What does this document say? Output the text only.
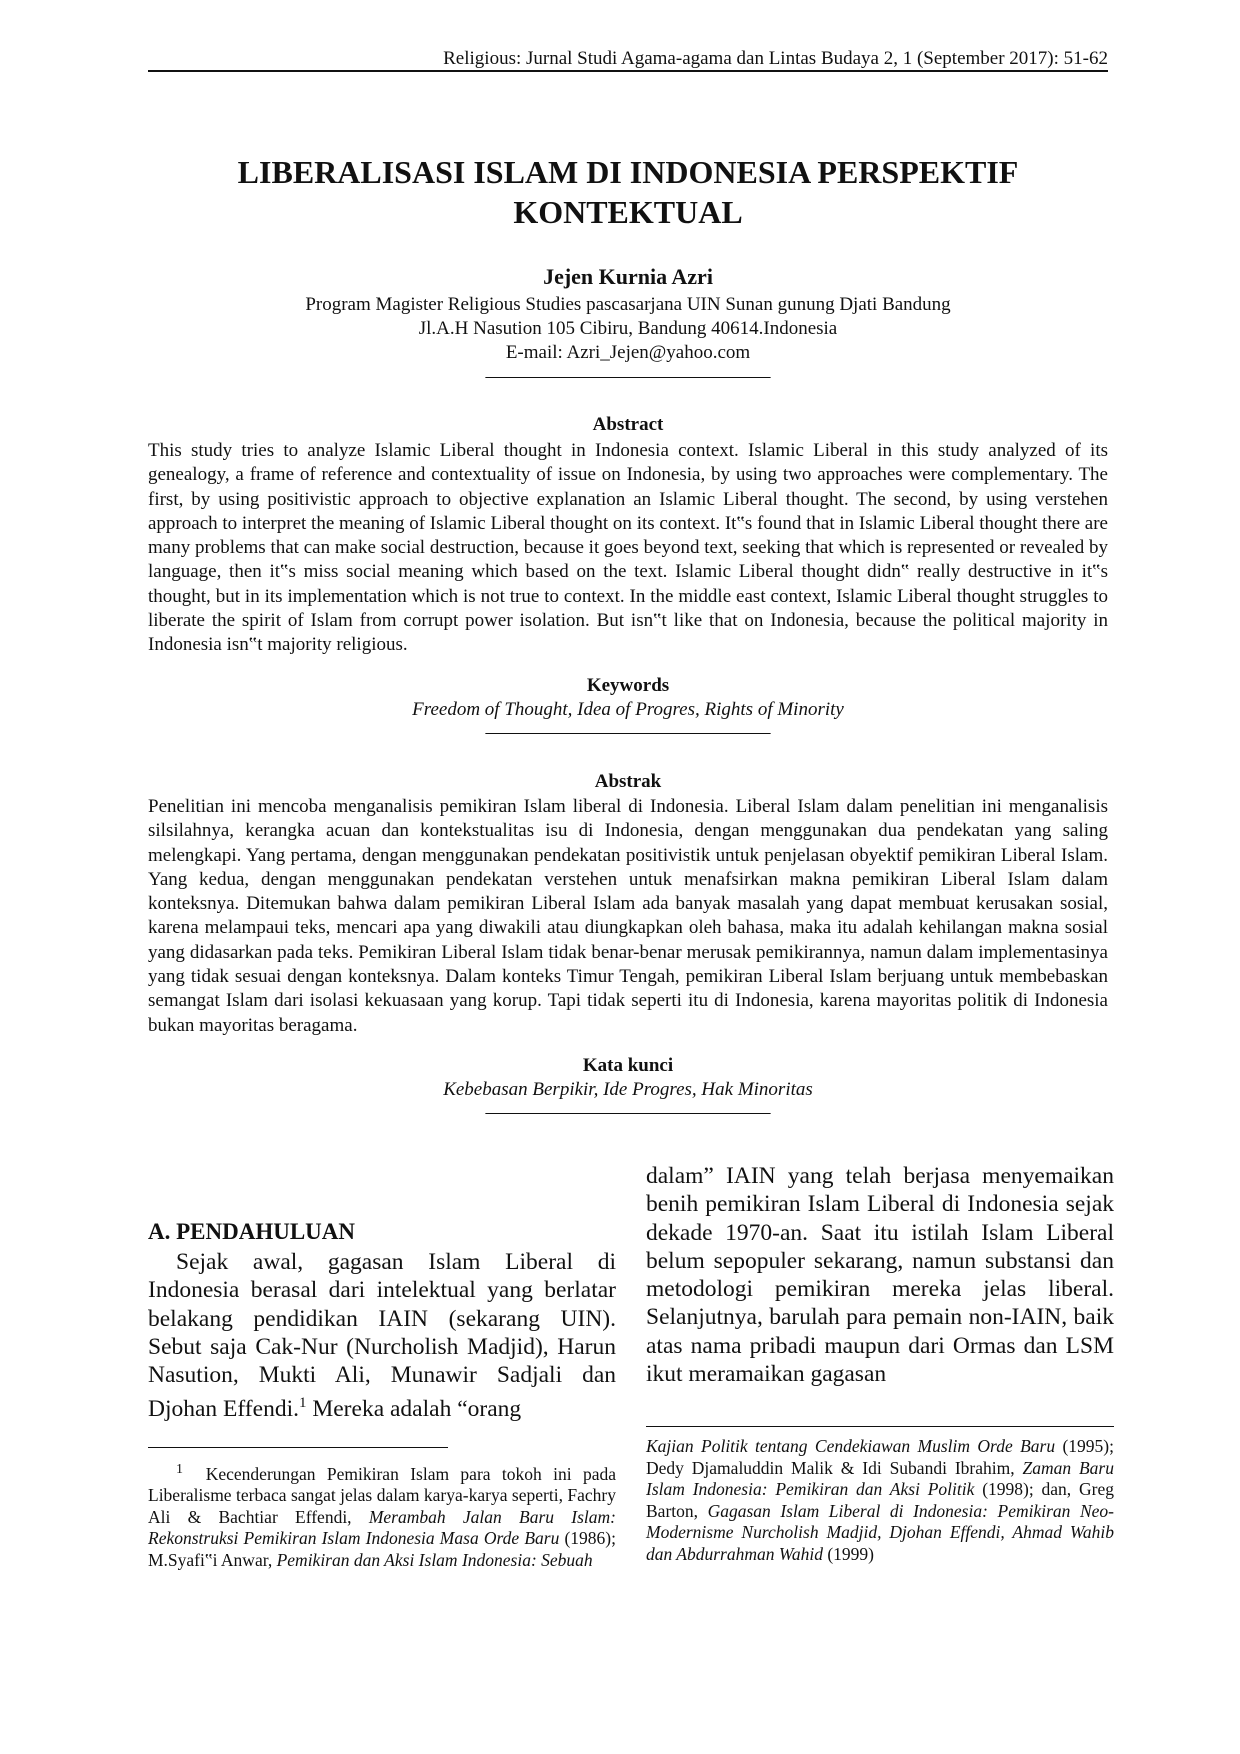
Religious: Jurnal Studi Agama-agama dan Lintas Budaya 2, 1 (September 2017): 51-62
LIBERALISASI ISLAM DI INDONESIA PERSPEKTIF
KONTEKTUAL
Jejen Kurnia Azri
Program Magister Religious Studies pascasarjana UIN Sunan gunung Djati Bandung
Jl.A.H Nasution 105 Cibiru, Bandung 40614.Indonesia
E-mail: Azri_Jejen@yahoo.com
———————————————
Abstract
This study tries to analyze Islamic Liberal thought in Indonesia context. Islamic Liberal in this study analyzed of its genealogy, a frame of reference and contextuality of issue on Indonesia, by using two approaches were complementary. The first, by using positivistic approach to objective explanation an Islamic Liberal thought. The second, by using verstehen approach to interpret the meaning of Islamic Liberal thought on its context. It‟s found that in Islamic Liberal thought there are many problems that can make social destruction, because it goes beyond text, seeking that which is represented or revealed by language, then it‟s miss social meaning which based on the text. Islamic Liberal thought didn‟ really destructive in it‟s thought, but in its implementation which is not true to context. In the middle east context, Islamic Liberal thought struggles to liberate the spirit of Islam from corrupt power isolation. But isn‟t like that on Indonesia, because the political majority in Indonesia isn‟t majority religious.
Keywords
Freedom of Thought, Idea of Progres, Rights of Minority
———————————————
Abstrak
Penelitian ini mencoba menganalisis pemikiran Islam liberal di Indonesia. Liberal Islam dalam penelitian ini menganalisis silsilahnya, kerangka acuan dan kontekstualitas isu di Indonesia, dengan menggunakan dua pendekatan yang saling melengkapi. Yang pertama, dengan menggunakan pendekatan positivistik untuk penjelasan obyektif pemikiran Liberal Islam. Yang kedua, dengan menggunakan pendekatan verstehen untuk menafsirkan makna pemikiran Liberal Islam dalam konteksnya. Ditemukan bahwa dalam pemikiran Liberal Islam ada banyak masalah yang dapat membuat kerusakan sosial, karena melampaui teks, mencari apa yang diwakili atau diungkapkan oleh bahasa, maka itu adalah kehilangan makna sosial yang didasarkan pada teks. Pemikiran Liberal Islam tidak benar-benar merusak pemikirannya, namun dalam implementasinya yang tidak sesuai dengan konteksnya. Dalam konteks Timur Tengah, pemikiran Liberal Islam berjuang untuk membebaskan semangat Islam dari isolasi kekuasaan yang korup. Tapi tidak seperti itu di Indonesia, karena mayoritas politik di Indonesia bukan mayoritas beragama.
Kata kunci
Kebebasan Berpikir, Ide Progres, Hak Minoritas
———————————————
A. PENDAHULUAN
Sejak awal, gagasan Islam Liberal di Indonesia berasal dari intelektual yang berlatar belakang pendidikan IAIN (sekarang UIN). Sebut saja Cak-Nur (Nurcholish Madjid), Harun Nasution, Mukti Ali, Munawir Sadjali dan Djohan Effendi.$^1$ Mereka adalah “orang
dalam” IAIN yang telah berjasa menyemaikan benih pemikiran Islam Liberal di Indonesia sejak dekade 1970-an. Saat itu istilah Islam Liberal belum sepopuler sekarang, namun substansi dan metodologi pemikiran mereka jelas liberal. Selanjutnya, barulah para pemain non-IAIN, baik atas nama pribadi maupun dari Ormas dan LSM ikut meramaikan gagasan
$^1$ Kecenderungan Pemikiran Islam para tokoh ini pada Liberalisme terbaca sangat jelas dalam karya-karya seperti, Fachry Ali & Bachtiar Effendi, Merambah Jalan Baru Islam: Rekonstruksi Pemikiran Islam Indonesia Masa Orde Baru (1986); M.Syafi‟i Anwar, Pemikiran dan Aksi Islam Indonesia: Sebuah
Kajian Politik tentang Cendekiawan Muslim Orde Baru (1995); Dedy Djamaluddin Malik & Idi Subandi Ibrahim, Zaman Baru Islam Indonesia: Pemikiran dan Aksi Politik (1998); dan, Greg Barton, Gagasan Islam Liberal di Indonesia: Pemikiran Neo-Modernisme Nurcholish Madjid, Djohan Effendi, Ahmad Wahib dan Abdurrahman Wahid (1999)
